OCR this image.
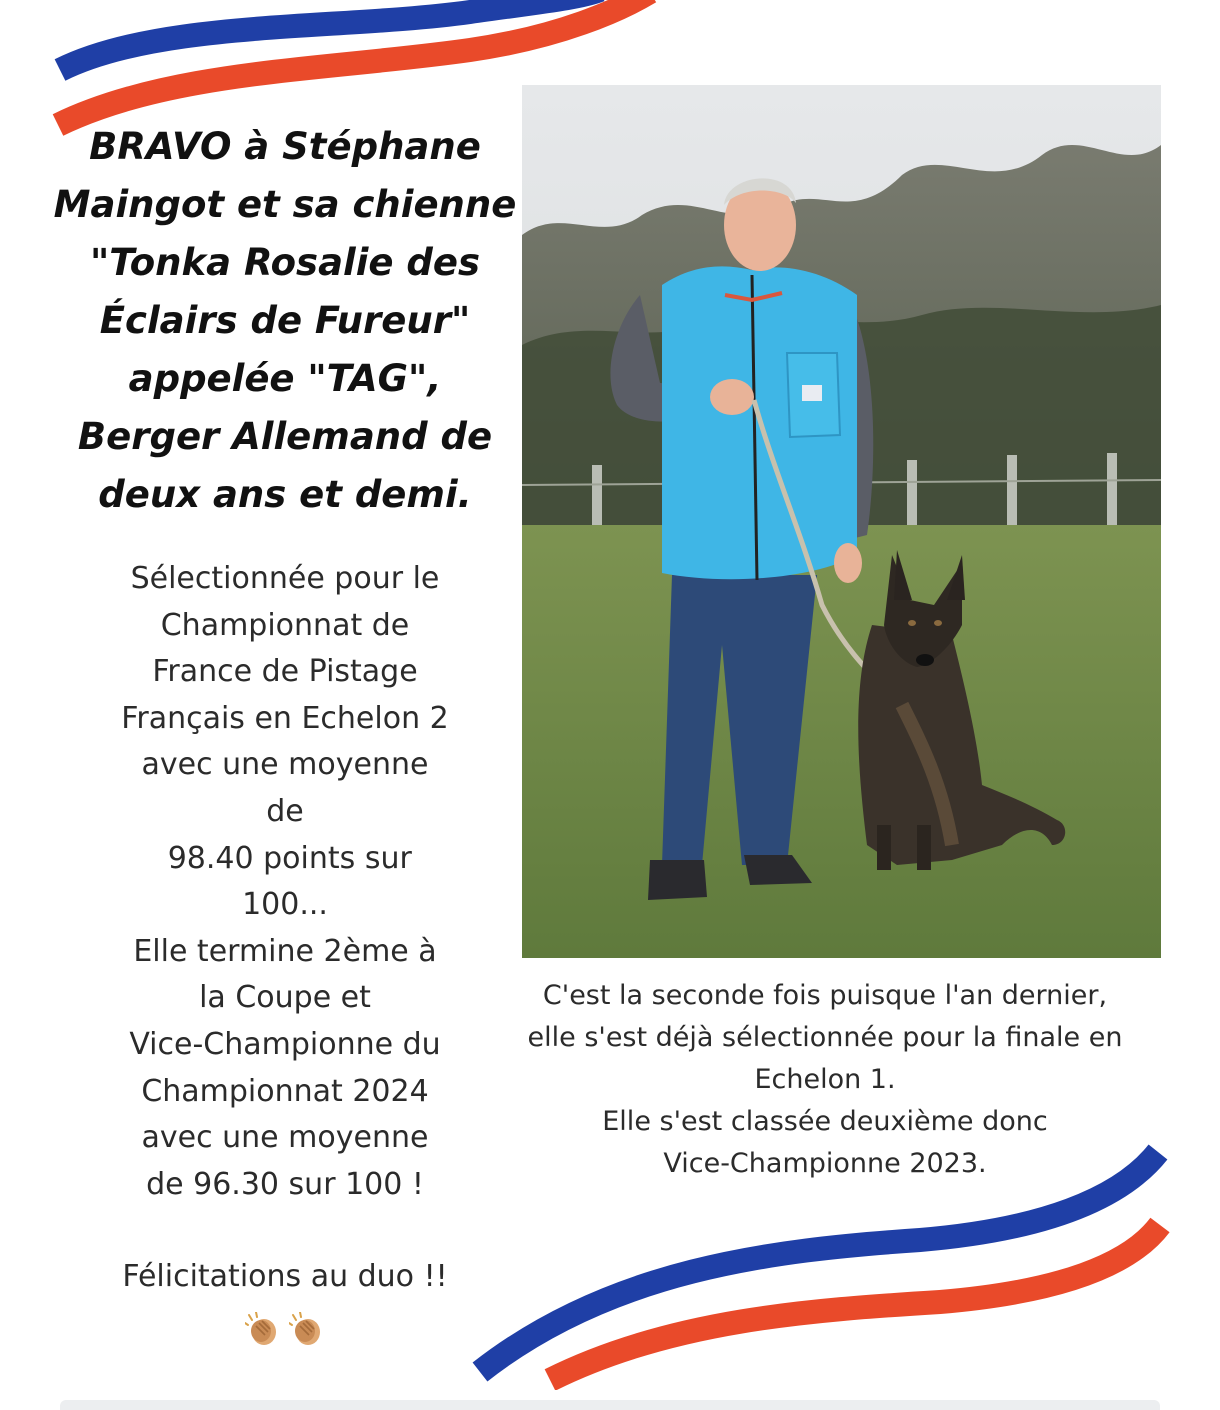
BRAVO à Stéphane
Maingot et sa chienne
"Tonka Rosalie des
Éclairs de Fureur"
appelée "TAG",
Berger Allemand de
deux ans et demi.
Sélectionnée pour le
Championnat de
France de Pistage
Français en Echelon 2
avec une moyenne
de
98.40 points sur
100...
Elle termine 2ème à
la Coupe et
Vice-Championne du
Championnat 2024
avec une moyenne
de 96.30 sur 100 !
Félicitations au duo !!
C'est la seconde fois puisque l'an dernier,
elle s'est déjà sélectionnée pour la finale en
Echelon 1.
Elle s'est classée deuxième donc
Vice-Championne 2023.
